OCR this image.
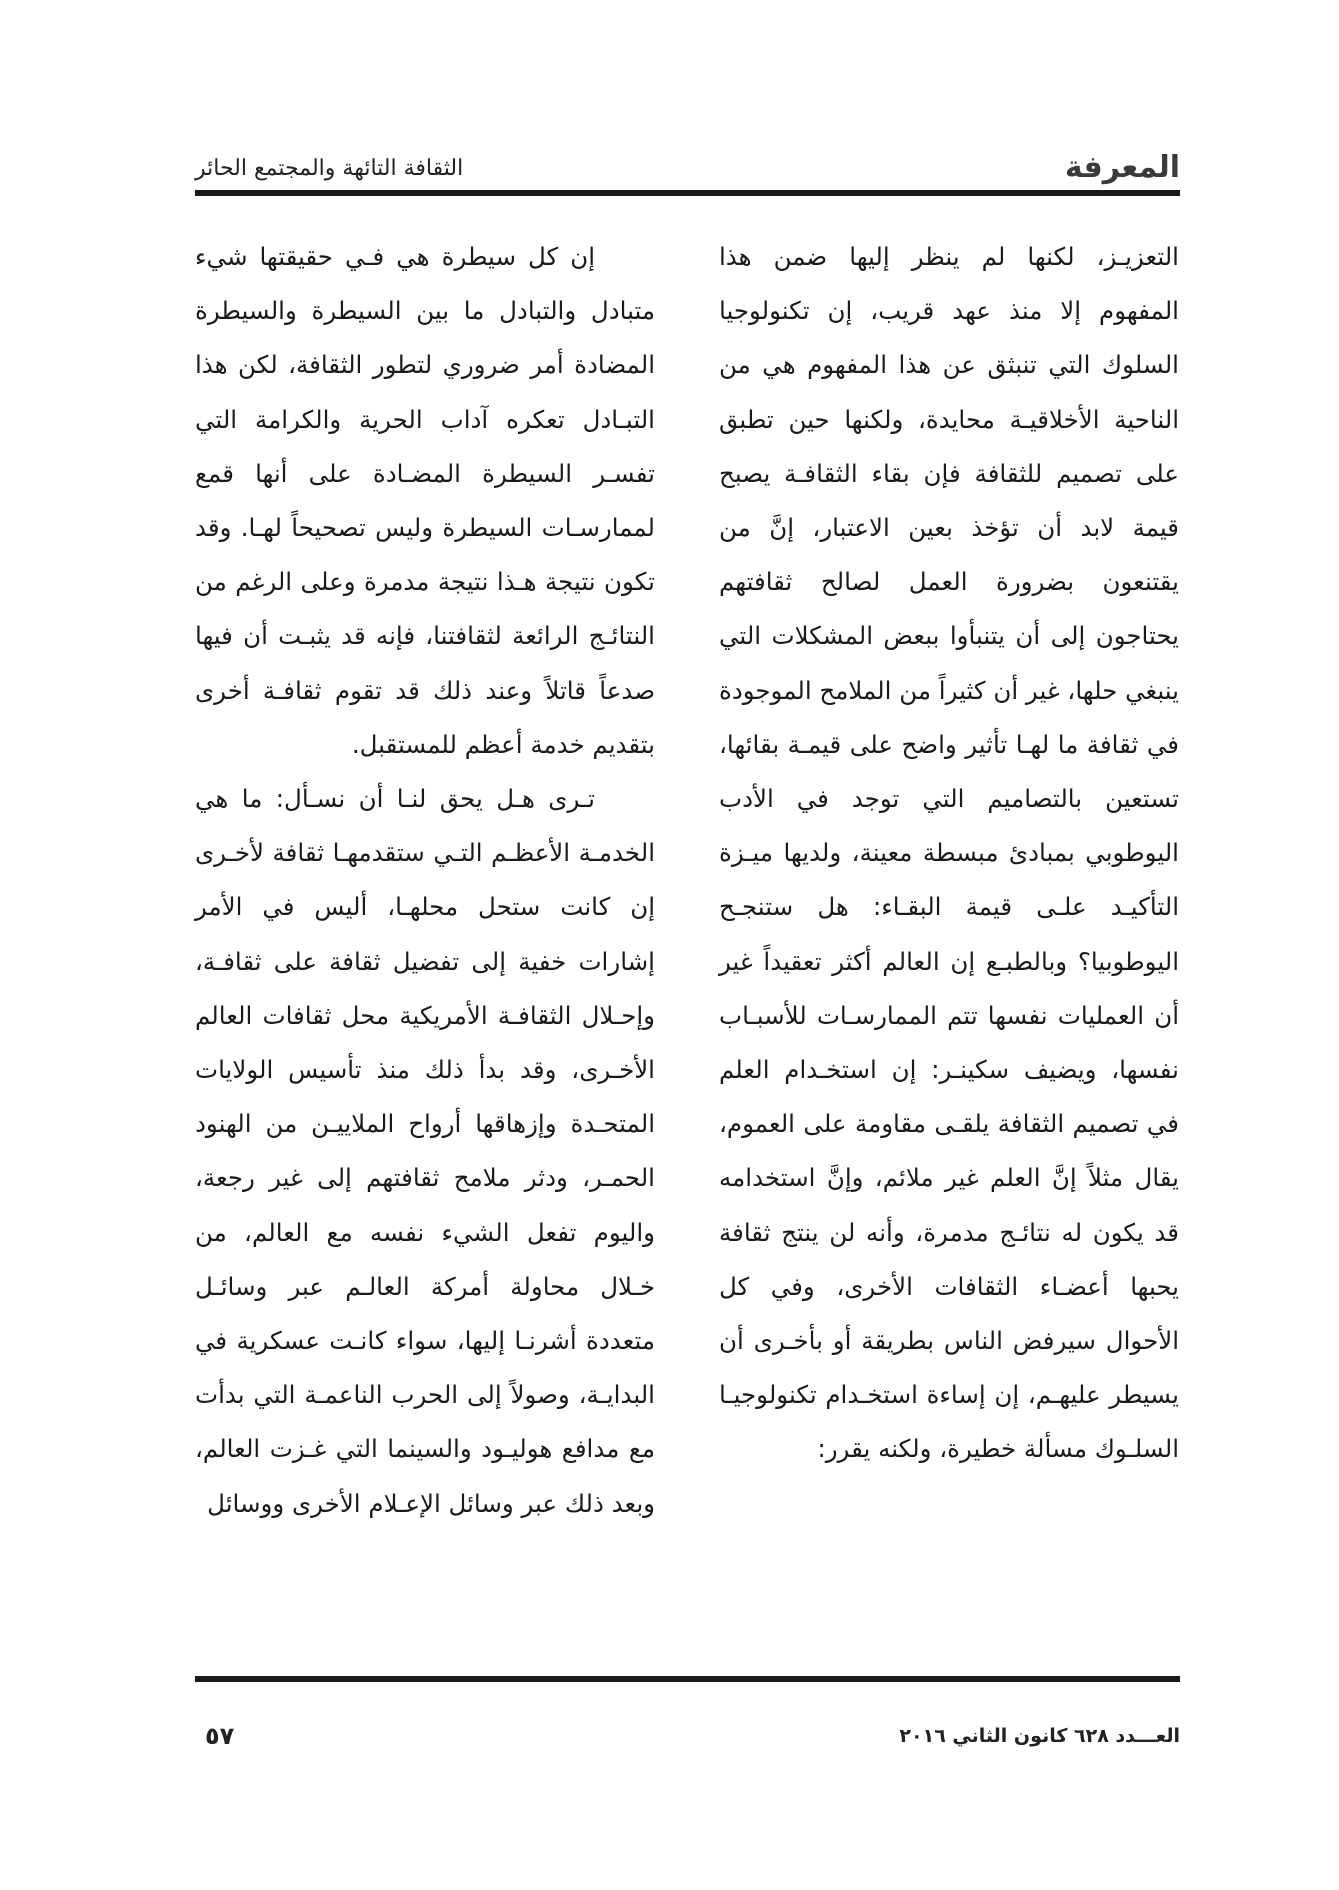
المعرفة
الثقافة التائهة والمجتمع الحائر

التعزيـز، لكنها لم ينظر إليها ضمن هذا المفهوم إلا منذ عهد قريب، إن تكنولوجيا السلوك التي تنبثق عن هذا المفهوم هي من الناحية الأخلاقيـة محايدة، ولكنها حين تطبق على تصميم للثقافة فإن بقاء الثقافـة يصبح قيمة لابد أن تؤخذ بعين الاعتبار، إنَّ من يقتنعون بضرورة العمل لصالح ثقافتهم يحتاجون إلى أن يتنبأوا ببعض المشكلات التي ينبغي حلها، غير أن كثيراً من الملامح الموجودة في ثقافة ما لهـا تأثير واضح على قيمـة بقائها، تستعين بالتصاميم التي توجد في الأدب اليوطوبي بمبادئ مبسطة معينة، ولديها ميـزة التأكيـد علـى قيمة البقـاء: هل ستنجـح اليوطوبيا؟ وبالطبـع إن العالم أكثر تعقيداً غير أن العمليات نفسها تتم الممارسـات للأسبـاب نفسها، ويضيف سكينـر: إن استخـدام العلم في تصميم الثقافة يلقـى مقاومة على العموم، يقال مثلاً إنَّ العلم غير ملائم، وإنَّ استخدامه قد يكون له نتائـج مدمرة، وأنه لن ينتج ثقافة يحبها أعضـاء الثقافات الأخرى، وفي كل الأحوال سيرفض الناس بطريقة أو بأخـرى أن يسيطر عليهـم، إن إساءة استخـدام تكنولوجيـا السلـوك مسألة خطيرة، ولكنه يقرر:

إن كل سيطرة هي فـي حقيقتها شيء متبادل والتبادل ما بين السيطرة والسيطرة المضادة أمر ضروري لتطور الثقافة، لكن هذا التبـادل تعكره آداب الحرية والكرامة التي تفسـر السيطرة المضـادة على أنها قمع لممارسـات السيطرة وليس تصحيحاً لهـا. وقد تكون نتيجة هـذا نتيجة مدمرة وعلى الرغم من النتائـج الرائعة لثقافتنا، فإنه قد يثبـت أن فيها صدعاً قاتلاً وعند ذلك قد تقوم ثقافـة أخرى بتقديم خدمة أعظم للمستقبل.

تـرى هـل يحق لنـا أن نسـأل: ما هي الخدمـة الأعظـم التـي ستقدمهـا ثقافة لأخـرى إن كانت ستحل محلهـا، أليس في الأمر إشارات خفية إلى تفضيل ثقافة على ثقافـة، وإحـلال الثقافـة الأمريكية محل ثقافات العالم الأخـرى، وقد بدأ ذلك منذ تأسيس الولايات المتحـدة وإزهاقها أرواح الملاييـن من الهنود الحمـر، ودثر ملامح ثقافتهم إلى غير رجعة، واليوم تفعل الشيء نفسه مع العالم، من خـلال محاولة أمركة العالـم عبر وسائـل متعددة أشرنـا إليها، سواء كانـت عسكرية في البدايـة، وصولاً إلى الحرب الناعمـة التي بدأت مع مدافع هوليـود والسينما التي غـزت العالم، وبعد ذلك عبر وسائل الإعـلام الأخرى ووسائل

العـــدد ٦٢٨ كانون الثاني ٢٠١٦
٥٧
